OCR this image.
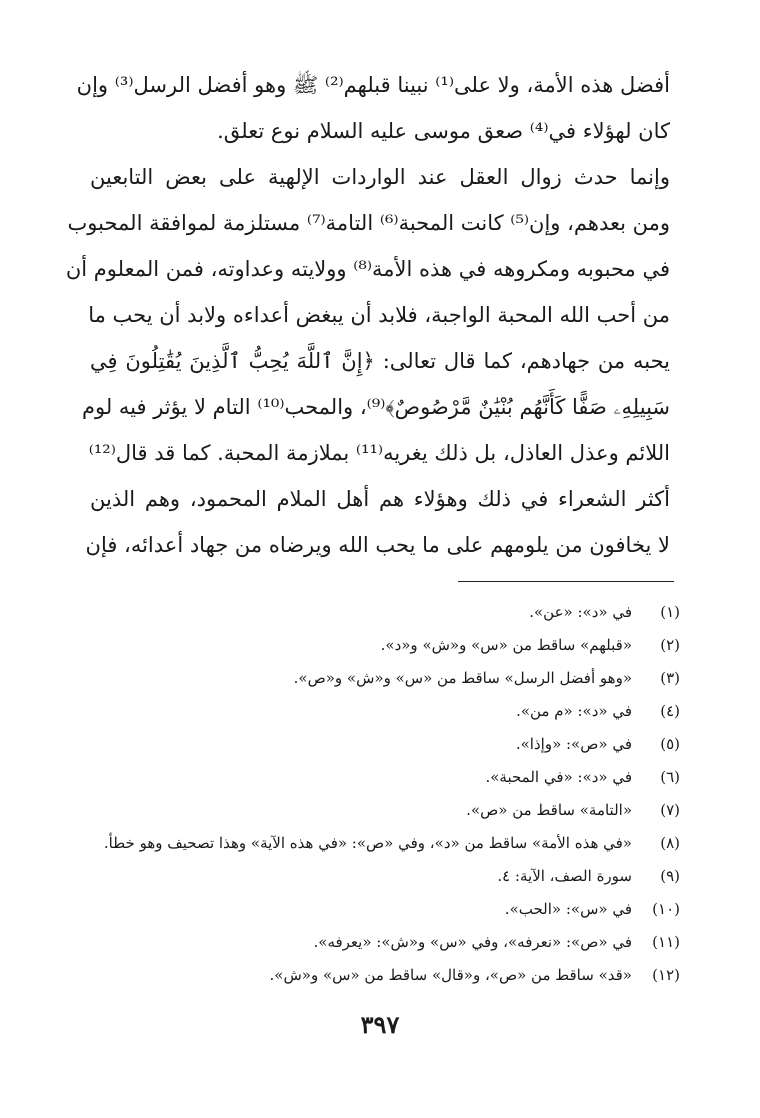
أفضل هذه الأمة، ولا على⁽¹⁾ نبينا قبلهم⁽²⁾ ﷺ وهو أفضل الرسل⁽³⁾ وإن
كان لهؤلاء في⁽⁴⁾ صعق موسى عليه السلام نوع تعلق.
وإنما حدث زوال العقل عند الواردات الإلهية على بعض التابعين
ومن بعدهم، وإن⁽⁵⁾ كانت المحبة⁽⁶⁾ التامة⁽⁷⁾ مستلزمة لموافقة المحبوب
في محبوبه ومكروهه في هذه الأمة⁽⁸⁾ وولايته وعداوته، فمن المعلوم أن
من أحب الله المحبة الواجبة، فلابد أن يبغض أعداءه ولابد أن يحب ما
يحبه من جهادهم، كما قال تعالى: ﴿إِنَّ ٱللَّهَ يُحِبُّ ٱلَّذِينَ يُقَٰتِلُونَ فِي
سَبِيلِهِۦ صَفًّا كَأَنَّهُم بُنْيَٰنٌ مَّرْصُوصٌ﴾⁽⁹⁾، والمحب⁽¹⁰⁾ التام لا يؤثر فيه لوم
اللائم وعذل العاذل، بل ذلك يغريه⁽¹¹⁾ بملازمة المحبة. كما قد قال⁽¹²⁾
أكثر الشعراء في ذلك وهؤلاء هم أهل الملام المحمود، وهم الذين
لا يخافون من يلومهم على ما يحب الله ويرضاه من جهاد أعدائه، فإن
(١)
في «د»: «عن».
(٢)
«قبلهم» ساقط من «س» و«ش» و«د».
(٣)
«وهو أفضل الرسل» ساقط من «س» و«ش» و«ص».
(٤)
في «د»: «م من».
(٥)
في «ص»: «وإذا».
(٦)
في «د»: «في المحبة».
(٧)
«التامة» ساقط من «ص».
(٨)
«في هذه الأمة» ساقط من «د»، وفي «ص»: «في هذه الآية» وهذا تصحيف وهو خطأ.
(٩)
سورة الصف، الآية: ٤.
(١٠)
في «س»: «الحب».
(١١)
في «ص»: «نعرفه»، وفي «س» و«ش»: «يعرفه».
(١٢)
«قد» ساقط من «ص»، و«قال» ساقط من «س» و«ش».
٣٩٧
